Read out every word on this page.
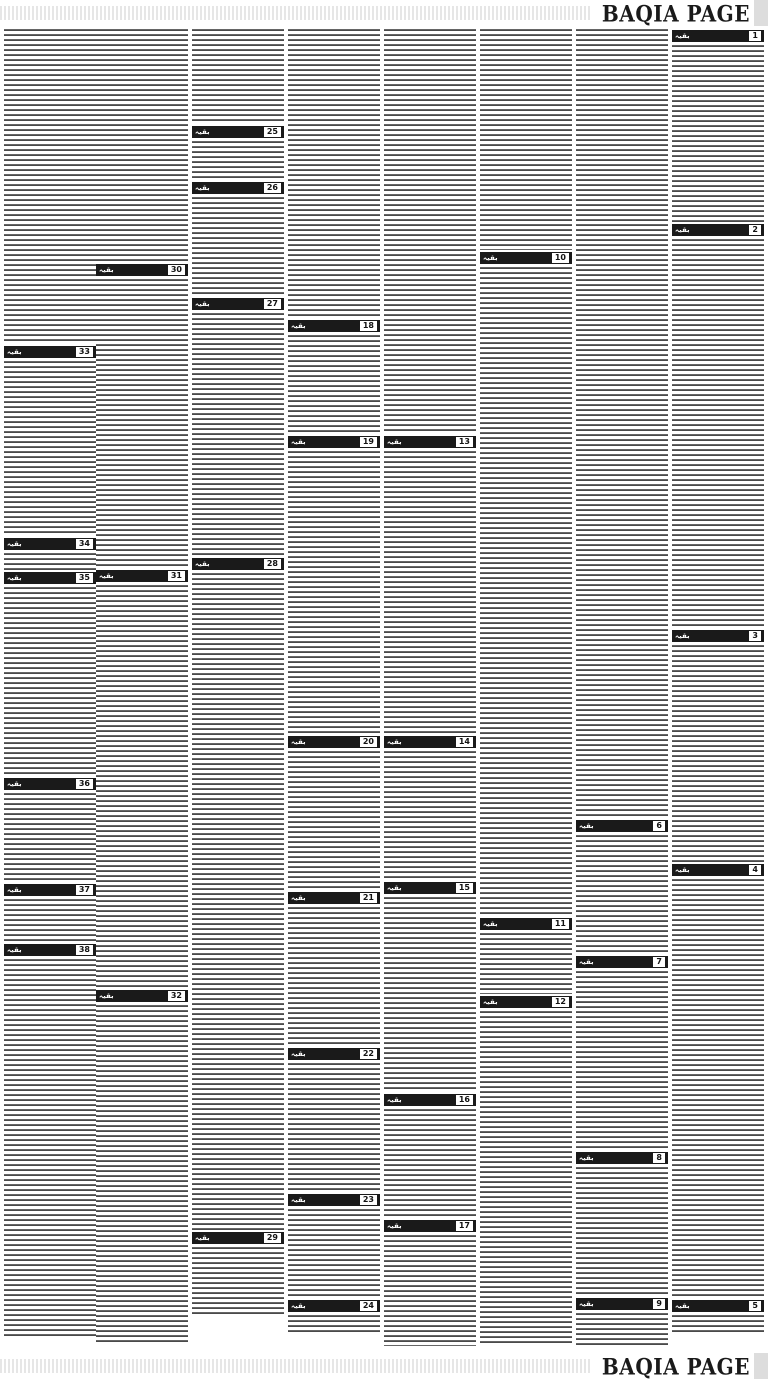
BAQIA PAGE
بقیہ	1
بقیہ	2
بقیہ	3
بقیہ	4
بقیہ	5
بقیہ	6
بقیہ	7
بقیہ	8
بقیہ	9
بقیہ	10
بقیہ	11
بقیہ	12
بقیہ	13
بقیہ	14
بقیہ	15
بقیہ	16
بقیہ	17
بقیہ	18
بقیہ	19
بقیہ	20
بقیہ	21
بقیہ	22
بقیہ	23
بقیہ	24
بقیہ	25
بقیہ	26
بقیہ	27
بقیہ	28
بقیہ	29
بقیہ	30
بقیہ	31
بقیہ	32
بقیہ	33
بقیہ	34
بقیہ	35
بقیہ	36
بقیہ	37
بقیہ	38
BAQIA PAGE
